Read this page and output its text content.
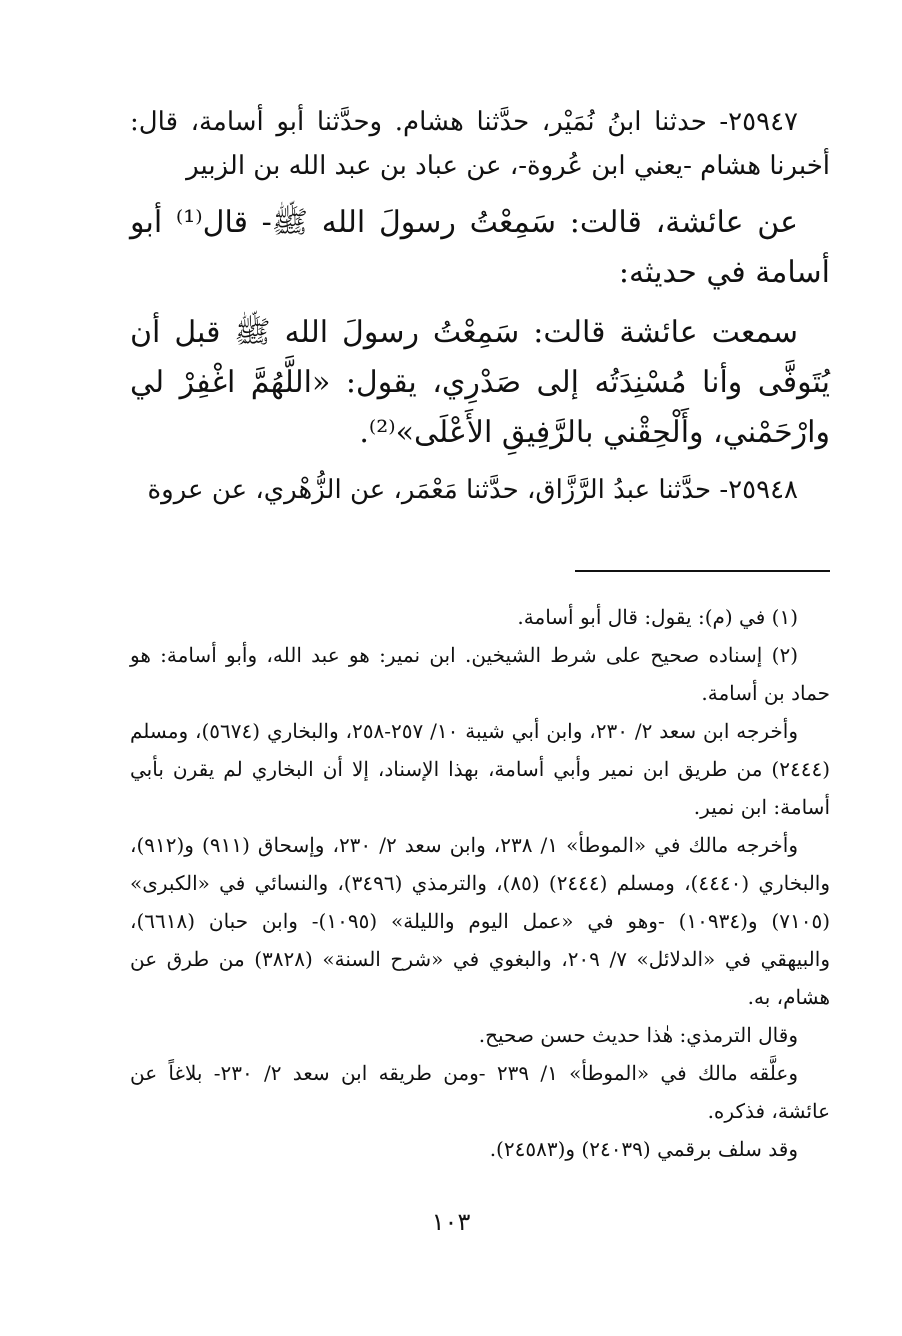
٢٥٩٤٧- حدثنا ابنُ نُمَيْر، حدَّثنا هشام. وحدَّثنا أبو أسامة، قال: أخبرنا هشام -يعني ابن عُروة-، عن عباد بن عبد الله بن الزبير

عن عائشة، قالت: سَمِعْتُ رسولَ الله ﷺ- قال⁽¹⁾ أبو أسامة في حديثه:

سمعت عائشة قالت: سَمِعْتُ رسولَ الله ﷺ قبل أن يُتَوفَّى وأنا مُسْنِدَتُه إلى صَدْرِي، يقول: «اللَّهُمَّ اغْفِرْ لي وارْحَمْني، وأَلْحِقْني بالرَّفِيقِ الأَعْلَى»⁽²⁾.

٢٥٩٤٨- حدَّثنا عبدُ الرَّزَّاق، حدَّثنا مَعْمَر، عن الزُّهْري، عن عروة

(١) في (م): يقول: قال أبو أسامة.

(٢) إسناده صحيح على شرط الشيخين. ابن نمير: هو عبد الله، وأبو أسامة: هو حماد بن أسامة.

وأخرجه ابن سعد ٢/ ٢٣٠، وابن أبي شيبة ١٠/ ٢٥٧-٢٥٨، والبخاري (٥٦٧٤)، ومسلم (٢٤٤٤) من طريق ابن نمير وأبي أسامة، بهذا الإسناد، إلا أن البخاري لم يقرن بأبي أسامة: ابن نمير.

وأخرجه مالك في «الموطأ» ١/ ٢٣٨، وابن سعد ٢/ ٢٣٠، وإسحاق (٩١١) و(٩١٢)، والبخاري (٤٤٤٠)، ومسلم (٢٤٤٤) (٨٥)، والترمذي (٣٤٩٦)، والنسائي في «الكبرى» (٧١٠٥) و(١٠٩٣٤) -وهو في «عمل اليوم والليلة» (١٠٩٥)- وابن حبان (٦٦١٨)، والبيهقي في «الدلائل» ٧/ ٢٠٩، والبغوي في «شرح السنة» (٣٨٢٨) من طرق عن هشام، به.

وقال الترمذي: هٰذا حديث حسن صحيح.

وعلَّقه مالك في «الموطأ» ١/ ٢٣٩ -ومن طريقه ابن سعد ٢/ ٢٣٠- بلاغاً عن عائشة، فذكره.

وقد سلف برقمي (٢٤٠٣٩) و(٢٤٥٨٣).

١٠٣
